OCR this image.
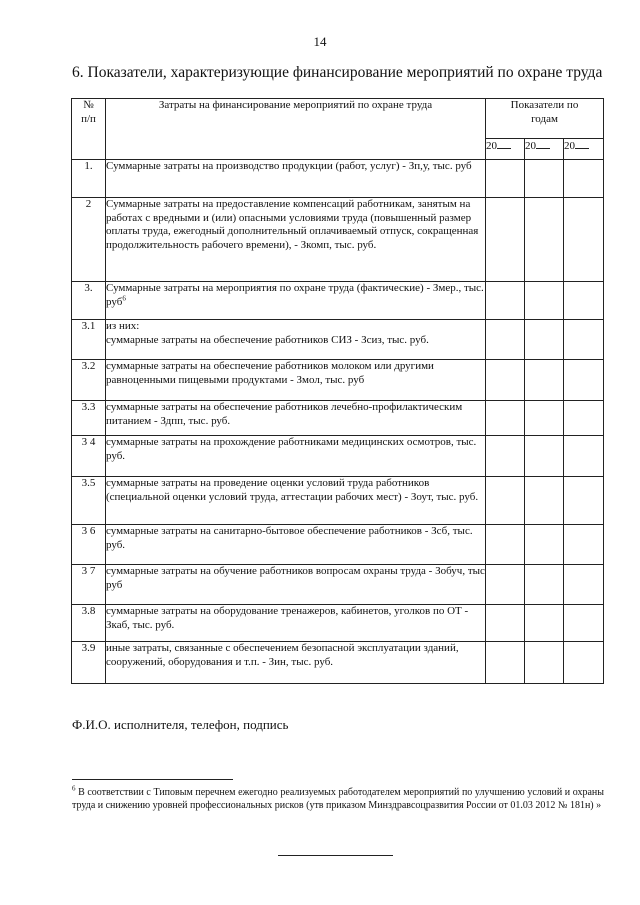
14
6. Показатели, характеризующие финансирование мероприятий по охране труда
№ п/п	Затраты на финансирование мероприятий по охране труда	Показатели по годам		

		20	20	20
1.	Суммарные затраты на производство продукции (работ, услуг) - Зп,у, тыс. руб			
2	Суммарные затраты на предоставление компенсаций работникам, занятым на работах с вредными и (или) опасными условиями труда (повышенный размер оплаты труда, ежегодный дополнительный оплачиваемый отпуск, сокращенная продолжительность рабочего времени), - Зкомп, тыс. руб.			
3.	Суммарные затраты на мероприятия по охране труда (фактические) - Змер., тыс. руб$^6$			
3.1	из них:
суммарные затраты на обеспечение работников СИЗ - Зсиз, тыс. руб.			
3.2	суммарные затраты на обеспечение работников молоком или другими равноценными пищевыми продуктами - Змол, тыс. руб			
3.3	суммарные затраты на обеспечение работников лечебно-профилактическим питанием - Здпп, тыс. руб.			
3 4	суммарные затраты на прохождение работниками медицинских осмотров, тыс. руб.			
3.5	суммарные затраты на проведение оценки условий труда работников (специальной оценки условий труда, аттестации рабочих мест) - Зоут, тыс. руб.			
3 6	суммарные затраты на санитарно-бытовое обеспечение работников - Зсб, тыс. руб.			
3 7	суммарные затраты на обучение работников вопросам охраны труда - Зобуч, тыс руб			
3.8	суммарные затраты на оборудование тренажеров, кабинетов, уголков по ОТ - Зкаб, тыс. руб.			
3.9	иные затраты, связанные с обеспечением безопасной эксплуатации зданий, сооружений, оборудования и т.п. - Зин, тыс. руб.			
Ф.И.О. исполнителя, телефон, подпись
$^6$ В соответствии с Типовым перечнем ежегодно реализуемых работодателем мероприятий по улучшению условий и охраны труда и снижению уровней профессиональных рисков (утв приказом Минздравсоцразвития России от 01.03 2012 № 181н) »
